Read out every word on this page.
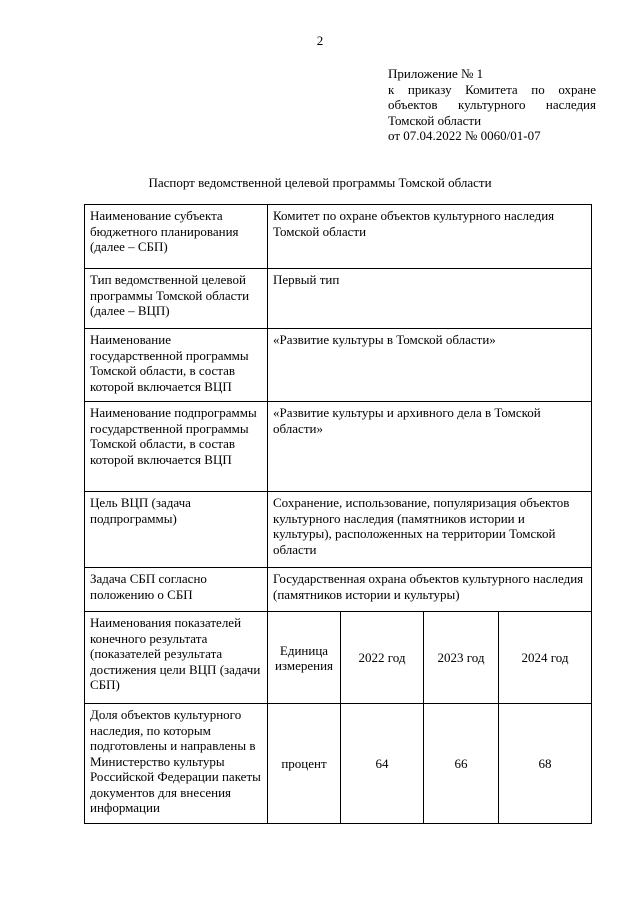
2
Приложение № 1
к приказу Комитета по охране
объектов культурного наследия
Томской области
от 07.04.2022 № 0060/01-07
Паспорт ведомственной целевой программы Томской области
Наименование субъекта бюджетного планирования (далее – СБП)	Комитет по охране объектов культурного наследия Томской области			
Тип ведомственной целевой программы Томской области (далее – ВЦП)	Первый тип			
Наименование государственной программы Томской области, в состав которой включается ВЦП	«Развитие культуры в Томской области»			
Наименование подпрограммы государственной программы Томской области, в состав которой включается ВЦП	«Развитие культуры и архивного дела в Томской области»			
Цель ВЦП (задача подпрограммы)	Сохранение, использование, популяризация объектов культурного наследия (памятников истории и культуры), расположенных на территории Томской области			
Задача СБП согласно положению о СБП	Государственная охрана объектов культурного наследия (памятников истории и культуры)			
Наименования показателей конечного результата (показателей результата достижения цели ВЦП (задачи СБП)	Единица измерения	2022 год	2023 год	2024 год
Доля объектов культурного наследия, по которым подготовлены и направлены в Министерство культуры Российской Федерации пакеты документов для внесения информации	процент	64	66	68
